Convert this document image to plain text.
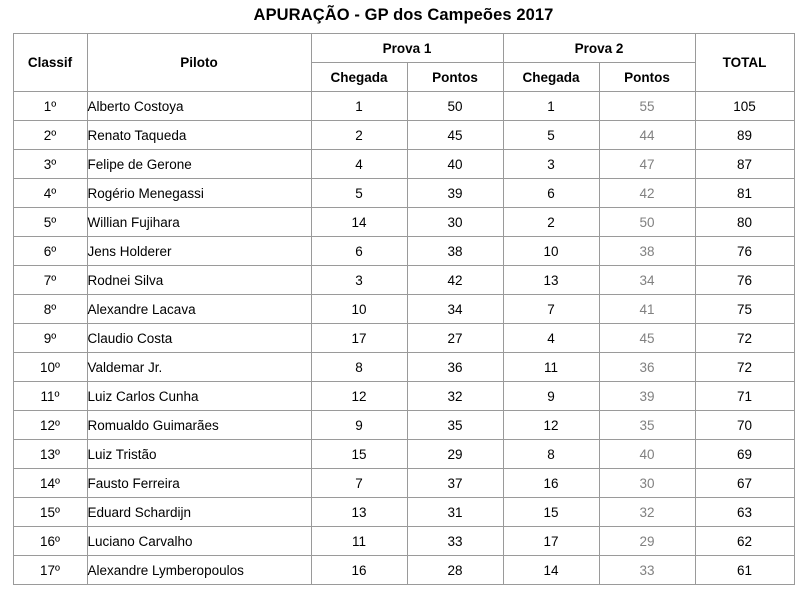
APURAÇÃO - GP dos Campeões 2017
Classif	Piloto	Prova 1		Prova 2		TOTAL
		Chegada	Pontos	Chegada	Pontos	
1º	Alberto Costoya	1	50	1	55	105
2º	Renato Taqueda	2	45	5	44	89
3º	Felipe de Gerone	4	40	3	47	87
4º	Rogério Menegassi	5	39	6	42	81
5º	Willian Fujihara	14	30	2	50	80
6º	Jens Holderer	6	38	10	38	76
7º	Rodnei Silva	3	42	13	34	76
8º	Alexandre Lacava	10	34	7	41	75
9º	Claudio Costa	17	27	4	45	72
10º	Valdemar Jr.	8	36	11	36	72
11º	Luiz Carlos Cunha	12	32	9	39	71
12º	Romualdo Guimarães	9	35	12	35	70
13º	Luiz Tristão	15	29	8	40	69
14º	Fausto Ferreira	7	37	16	30	67
15º	Eduard Schardijn	13	31	15	32	63
16º	Luciano Carvalho	11	33	17	29	62
17º	Alexandre Lymberopoulos	16	28	14	33	61
